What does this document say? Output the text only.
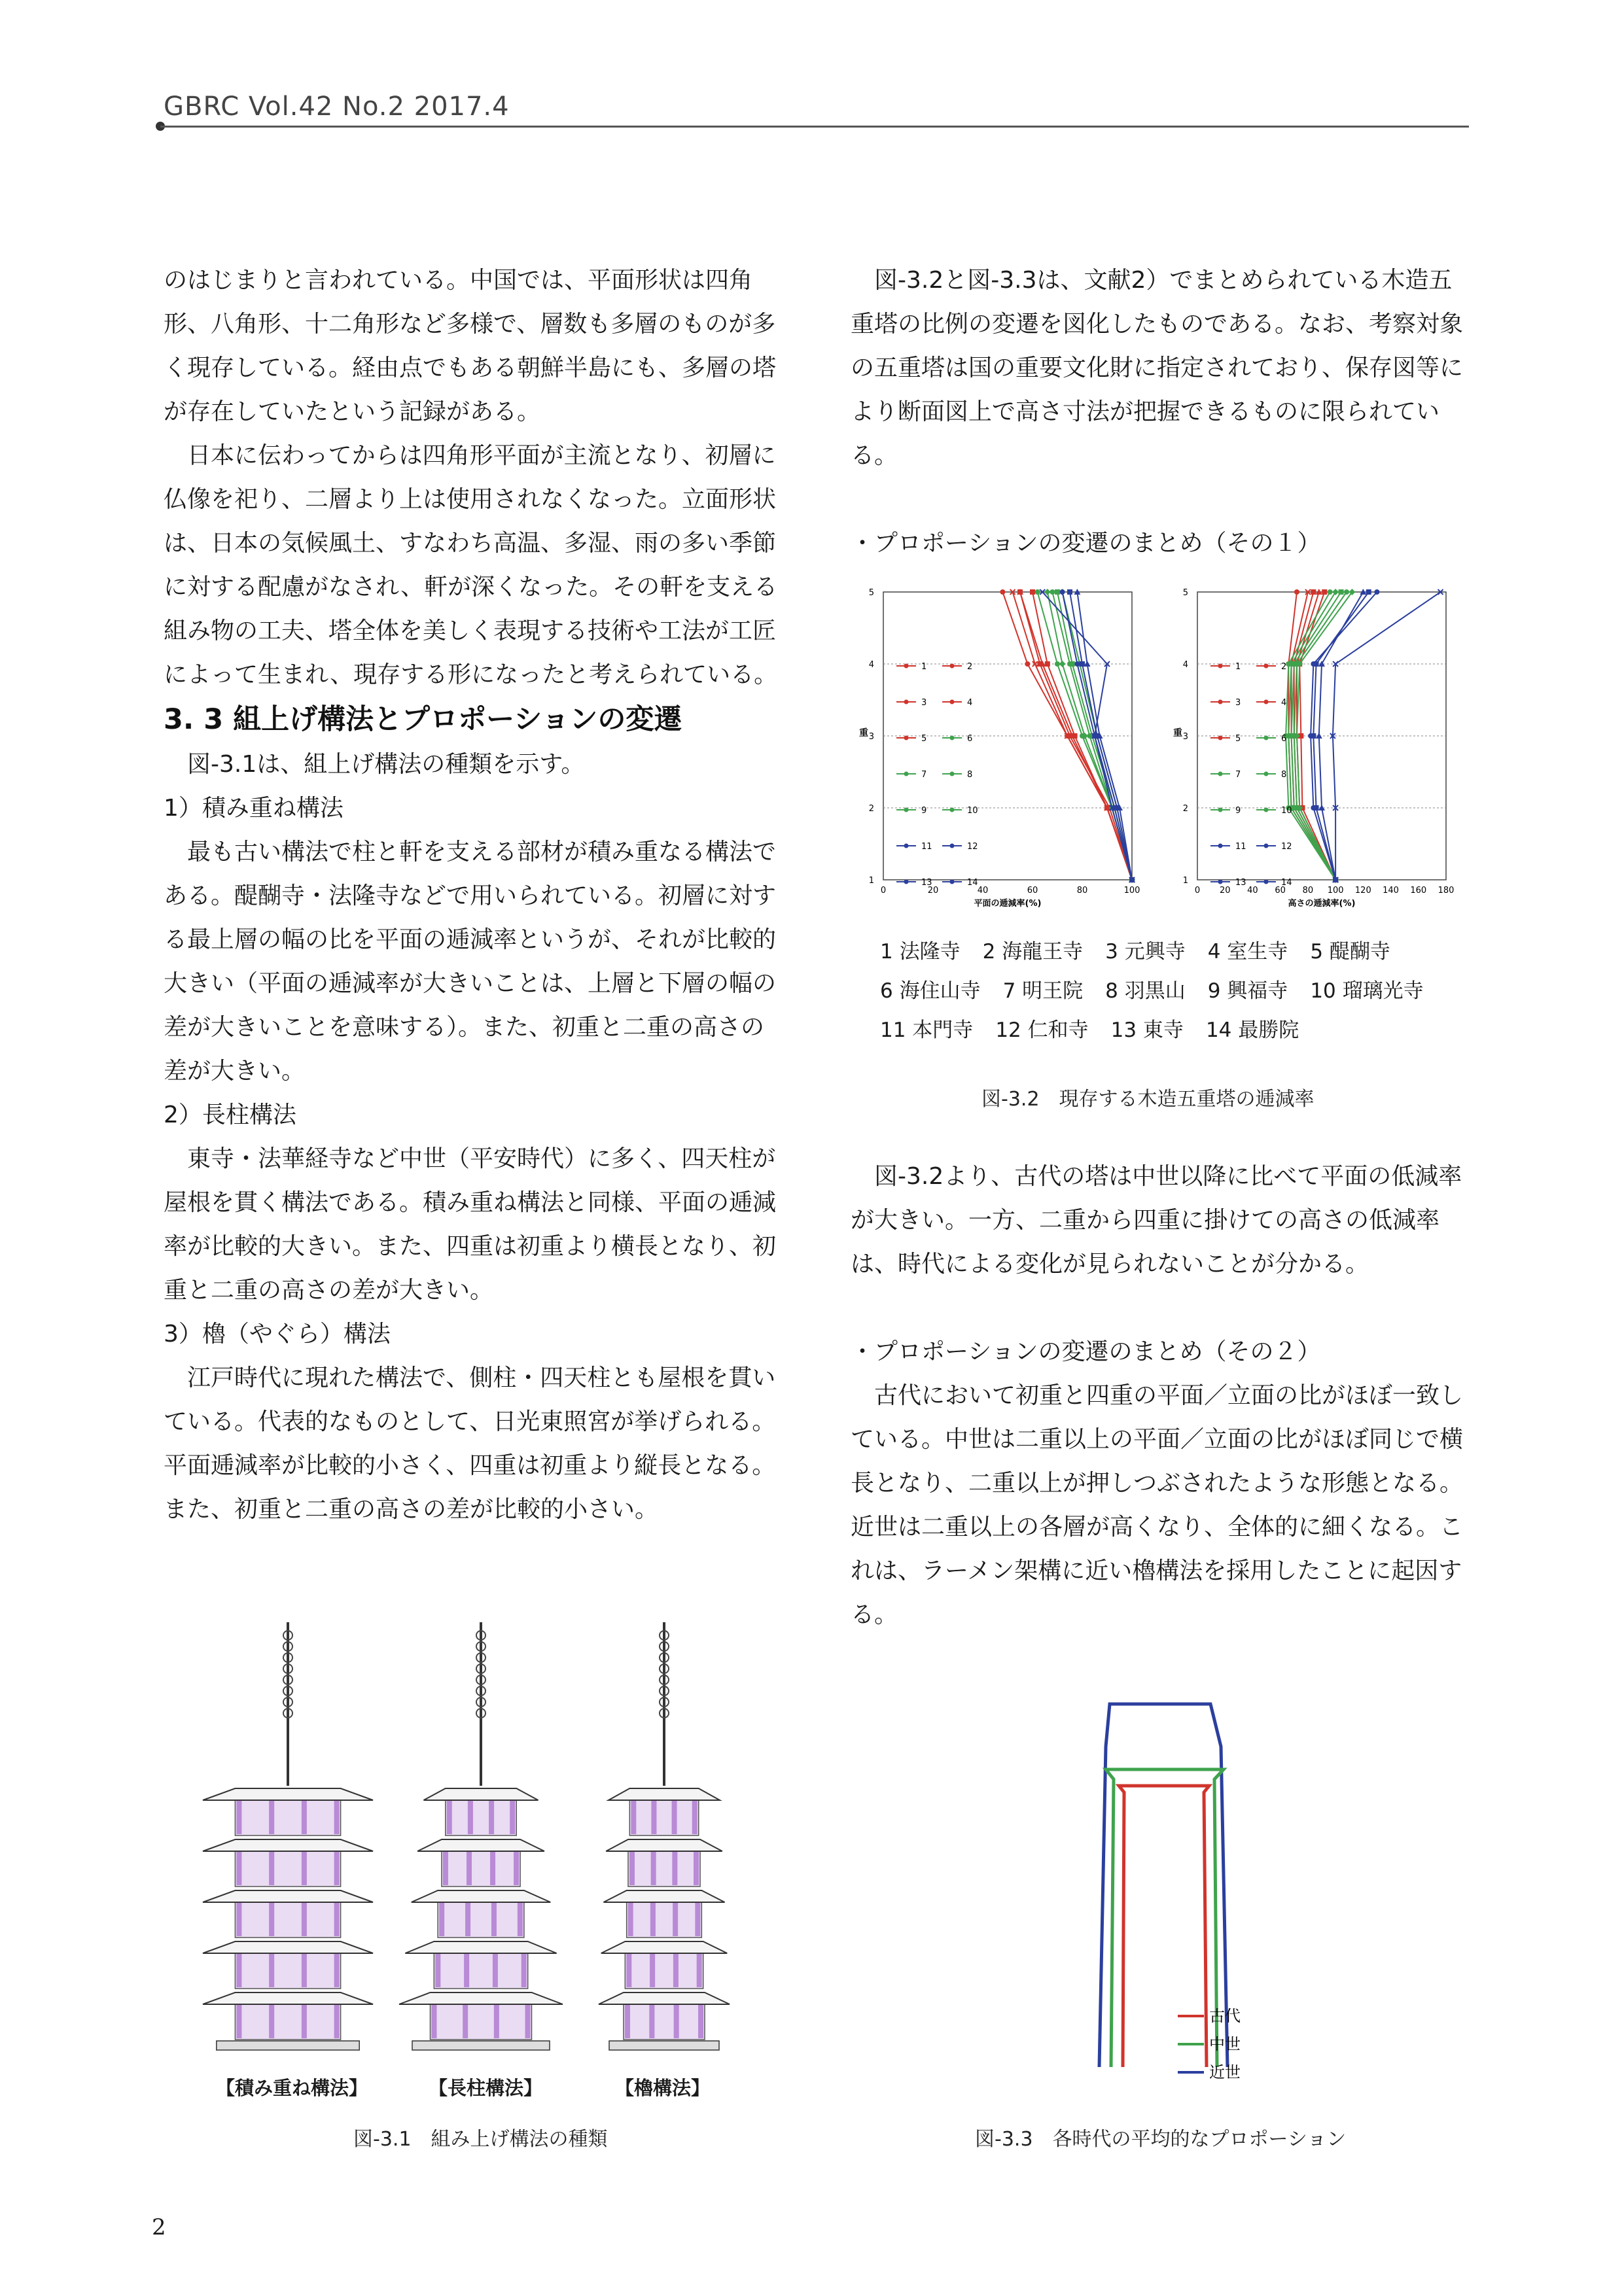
GBRC Vol.42 No.2 2017.4

のはじまりと言われている。中国では、平面形状は四角形、八角形、十二角形など多様で、層数も多層のものが多く現存している。経由点でもある朝鮮半島にも、多層の塔が存在していたという記録がある。

日本に伝わってからは四角形平面が主流となり、初層に仏像を祀り、二層より上は使用されなくなった。立面形状は、日本の気候風土、すなわち高温、多湿、雨の多い季節に対する配慮がなされ、軒が深くなった。その軒を支える組み物の工夫、塔全体を美しく表現する技術や工法が工匠によって生まれ、現存する形になったと考えられている。

3. 3 組上げ構法とプロポーションの変遷

図-3.1は、組上げ構法の種類を示す。

1）積み重ね構法

最も古い構法で柱と軒を支える部材が積み重なる構法である。醍醐寺・法隆寺などで用いられている。初層に対する最上層の幅の比を平面の逓減率というが、それが比較的大きい（平面の逓減率が大きいことは、上層と下層の幅の差が大きいことを意味する）。また、初重と二重の高さの差が大きい。

2）長柱構法

東寺・法華経寺など中世（平安時代）に多く、四天柱が屋根を貫く構法である。積み重ね構法と同様、平面の逓減率が比較的大きい。また、四重は初重より横長となり、初重と二重の高さの差が大きい。

3）櫓（やぐら）構法

江戸時代に現れた構法で、側柱・四天柱とも屋根を貫いている。代表的なものとして、日光東照宮が挙げられる。平面逓減率が比較的小さく、四重は初重より縦長となる。また、初重と二重の高さの差が比較的小さい。

図-3.2と図-3.3は、文献2）でまとめられている木造五重塔の比例の変遷を図化したものである。なお、考察対象の五重塔は国の重要文化財に指定されており、保存図等により断面図上で高さ寸法が把握できるものに限られている。

・プロポーションの変遷のまとめ（その１）

1
2
3
4
5
0	20	40	60	80	100
平面の逓減率(%)
重
1	2
3	4
5	6
7	8
9	10
11	12
13	14	1
2
3
4
5
0 20 40 60 80 100 120 140 160 180
高さの逓減率(%)
重
1	2
3	4
5	6
7	8
9	10
11	12
13	14
1 法隆寺 2 海龍王寺 3 元興寺 4 室生寺 5 醍醐寺6 海住山寺 7 明王院 8 羽黒山 9 興福寺 10 瑠璃光寺11 本門寺 12 仁和寺 13 東寺 14 最勝院
図-3.2　現存する木造五重塔の逓減率

図-3.2より、古代の塔は中世以降に比べて平面の低減率が大きい。一方、二重から四重に掛けての高さの低減率は、時代による変化が見られないことが分かる。

・プロポーションの変遷のまとめ（その２）

古代において初重と四重の平面／立面の比がほぼ一致している。中世は二重以上の平面／立面の比がほぼ同じで横長となり、二重以上が押しつぶされたような形態となる。近世は二重以上の各層が高くなり、全体的に細くなる。これは、ラーメン架構に近い櫓構法を採用したことに起因する。

【積み重ね構法】	【長柱構法】	【櫓構法】
図-3.1　組み上げ構法の種類
古代
中世
近世
図-3.3　各時代の平均的なプロポーション
2
